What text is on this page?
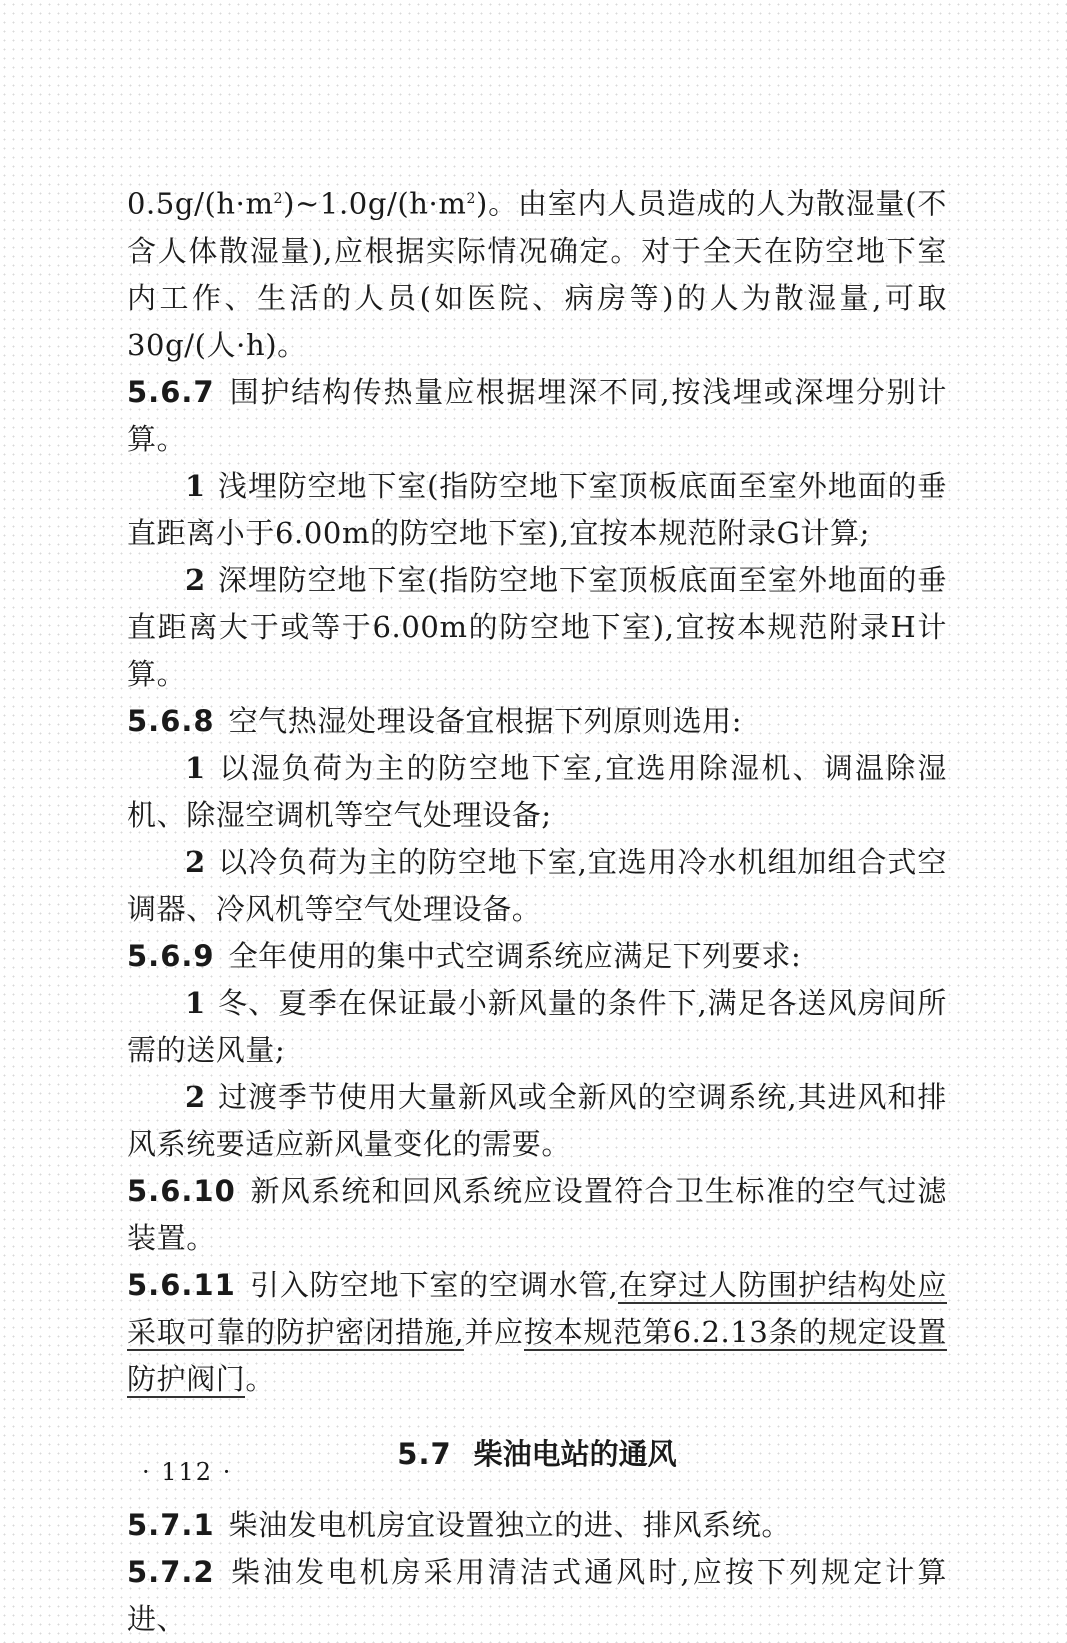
$0.5g/(h\cdot m^2)\sim 1.0g/(h\cdot m^2)$。由室内人员造成的人为散湿量(不含人体散湿量),应根据实际情况确定。对于全天在防空地下室内工作、生活的人员(如医院、病房等)的人为散湿量,可取30g/(人·h)。

5.6.7 围护结构传热量应根据埋深不同,按浅埋或深埋分别计算。

1 浅埋防空地下室(指防空地下室顶板底面至室外地面的垂直距离小于6.00m的防空地下室),宜按本规范附录G计算;

2 深埋防空地下室(指防空地下室顶板底面至室外地面的垂直距离大于或等于6.00m的防空地下室),宜按本规范附录H计算。

5.6.8 空气热湿处理设备宜根据下列原则选用:

1 以湿负荷为主的防空地下室,宜选用除湿机、调温除湿机、除湿空调机等空气处理设备;

2 以冷负荷为主的防空地下室,宜选用冷水机组加组合式空调器、冷风机等空气处理设备。

5.6.9 全年使用的集中式空调系统应满足下列要求:

1 冬、夏季在保证最小新风量的条件下,满足各送风房间所需的送风量;

2 过渡季节使用大量新风或全新风的空调系统,其进风和排风系统要适应新风量变化的需要。

5.6.10 新风系统和回风系统应设置符合卫生标准的空气过滤装置。

5.6.11 引入防空地下室的空调水管,在穿过人防围护结构处应采取可靠的防护密闭措施,并应按本规范第6.2.13条的规定设置防护阀门。

5.7 柴油电站的通风

5.7.1 柴油发电机房宜设置独立的进、排风系统。

5.7.2 柴油发电机房采用清洁式通风时,应按下列规定计算进、

· 112 ·
